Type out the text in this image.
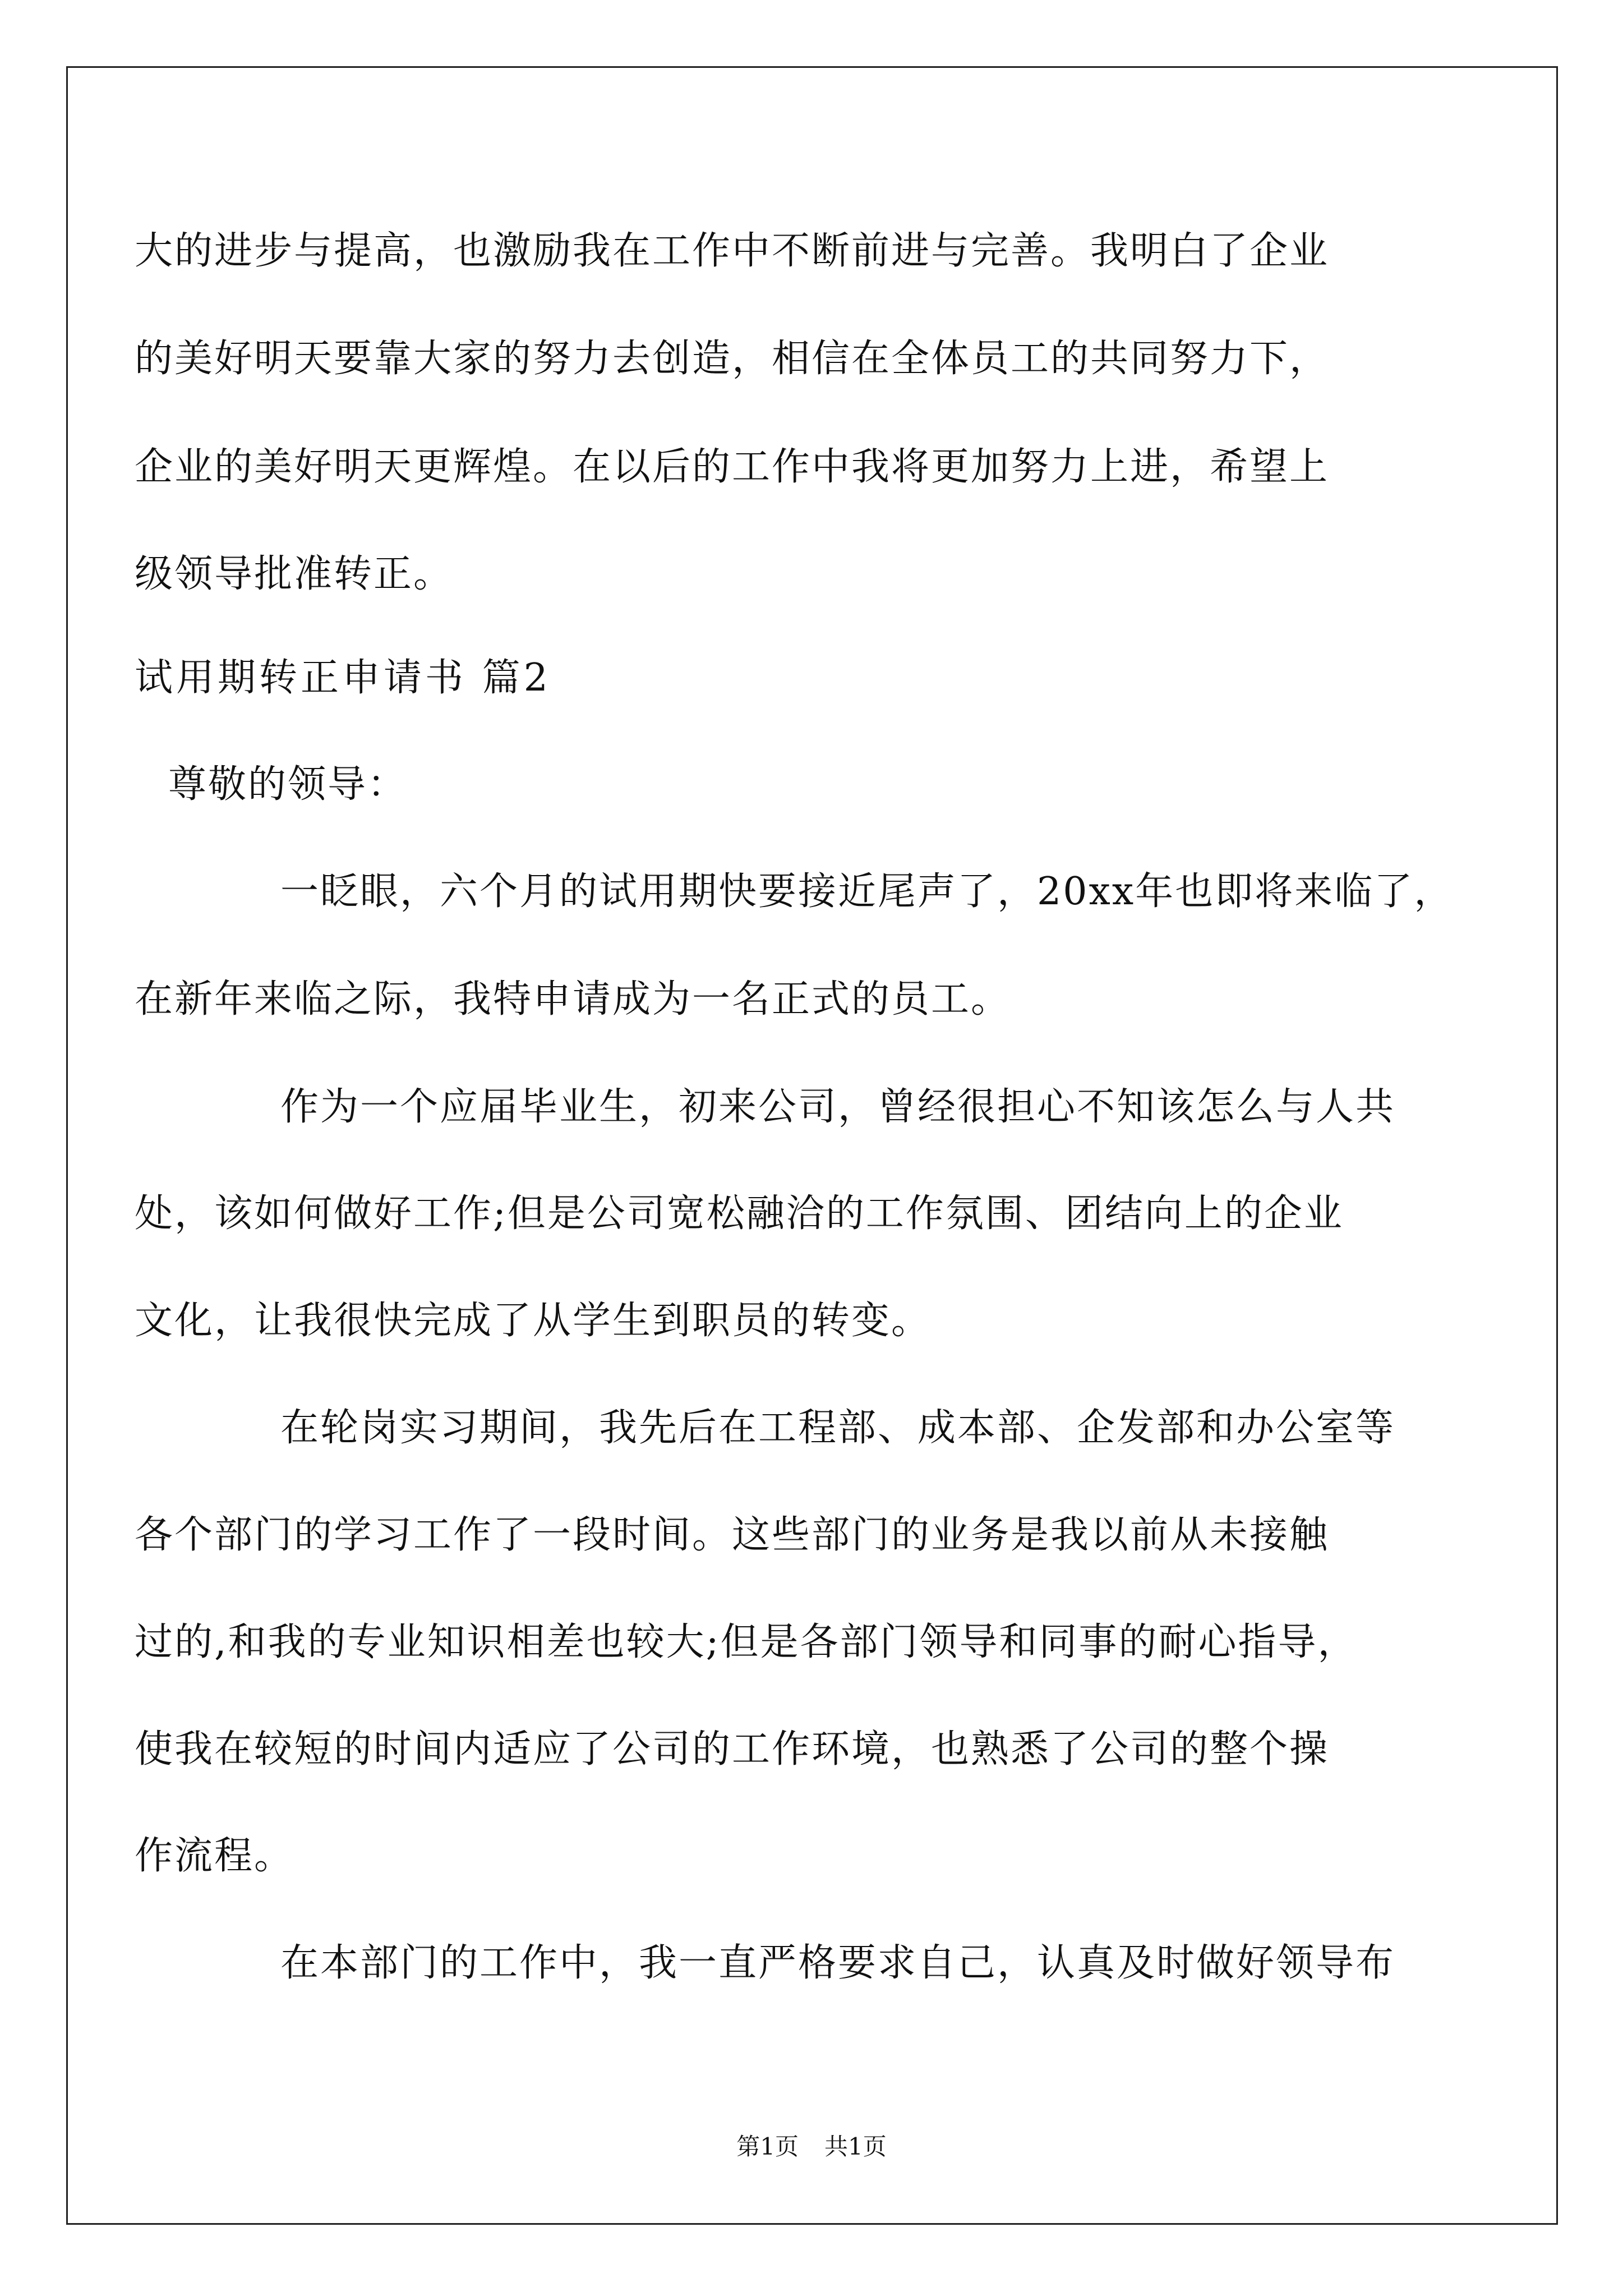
大的进步与提高，也激励我在工作中不断前进与完善。我明白了企业
的美好明天要靠大家的努力去创造，相信在全体员工的共同努力下，
企业的美好明天更辉煌。在以后的工作中我将更加努力上进，希望上
级领导批准转正。
试用期转正申请书 篇2
尊敬的领导：
一眨眼，六个月的试用期快要接近尾声了，20xx年也即将来临了，
在新年来临之际，我特申请成为一名正式的员工。
作为一个应届毕业生，初来公司，曾经很担心不知该怎么与人共
处，该如何做好工作;但是公司宽松融洽的工作氛围、团结向上的企业
文化，让我很快完成了从学生到职员的转变。
在轮岗实习期间，我先后在工程部、成本部、企发部和办公室等
各个部门的学习工作了一段时间。这些部门的业务是我以前从未接触
过的,和我的专业知识相差也较大;但是各部门领导和同事的耐心指导，
使我在较短的时间内适应了公司的工作环境，也熟悉了公司的整个操
作流程。
在本部门的工作中，我一直严格要求自己，认真及时做好领导布
第1页 共1页
